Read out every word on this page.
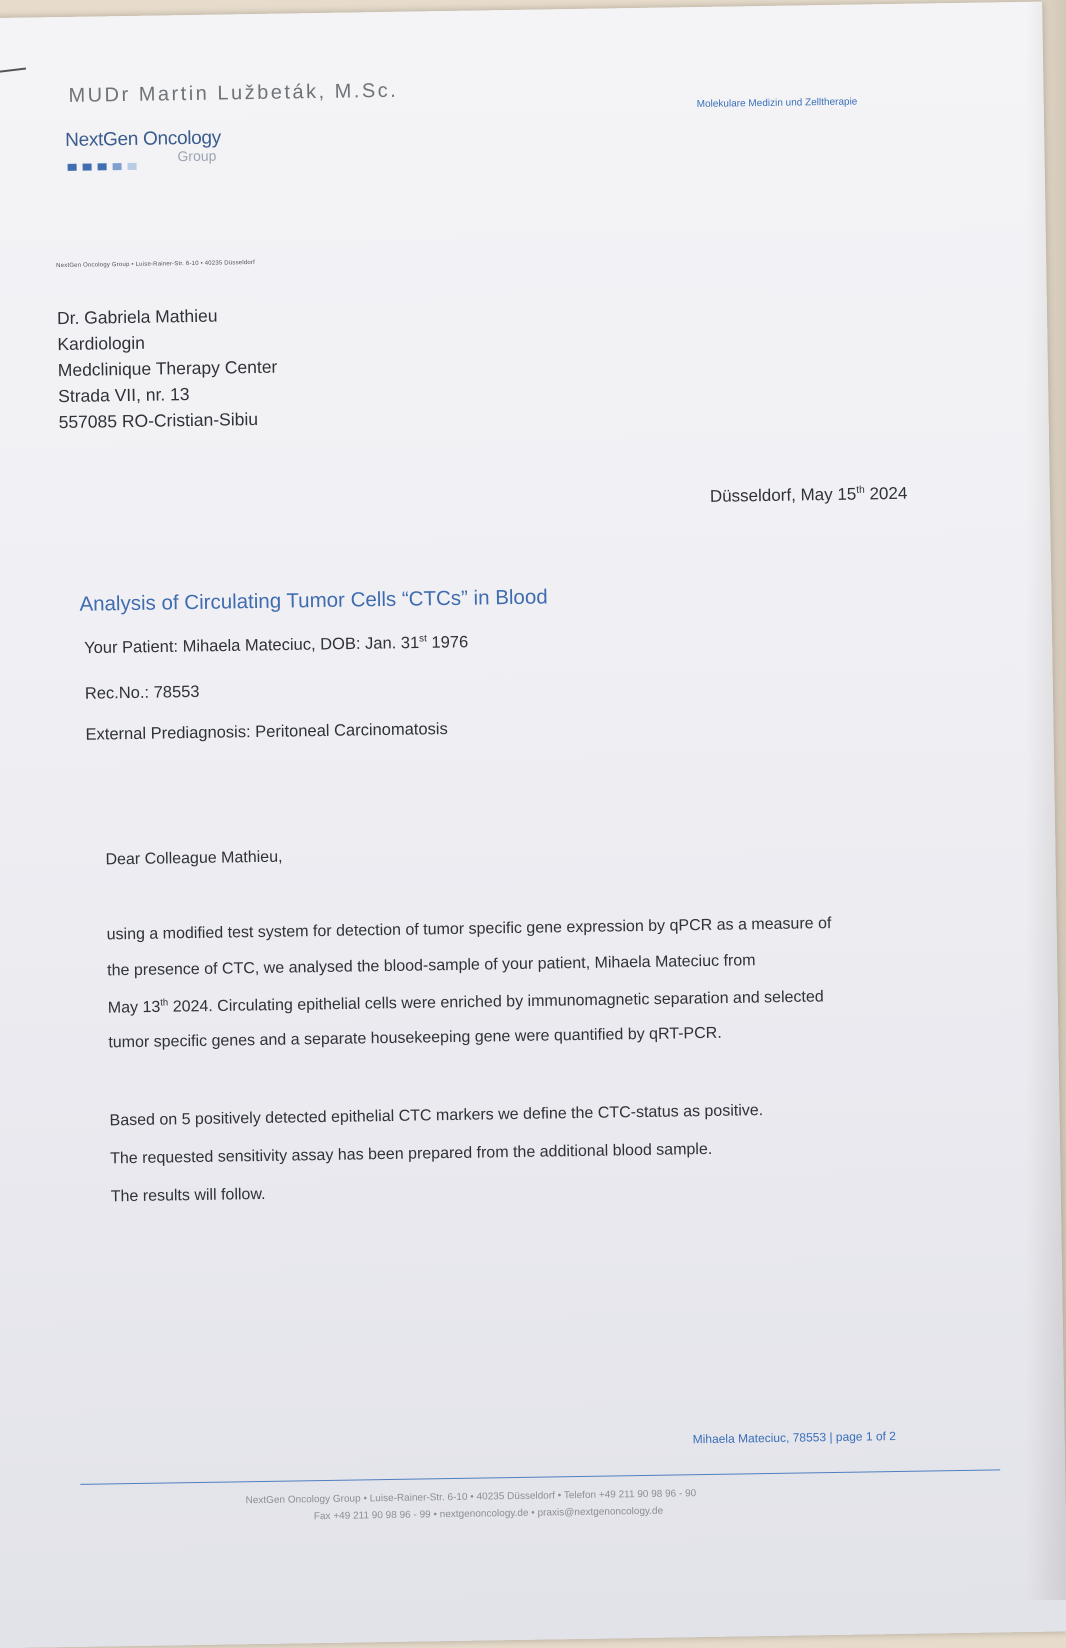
MUDr Martin Lužbeták, M.Sc.
NextGen Oncology
Group
Molekulare Medizin und Zelltherapie
NextGen Oncology Group • Luise-Rainer-Str. 6-10 • 40235 Düsseldorf
Dr. Gabriela Mathieu
Kardiologin
Medclinique Therapy Center
Strada VII, nr. 13
557085 RO-Cristian-Sibiu
Düsseldorf, May 15th 2024
Analysis of Circulating Tumor Cells “CTCs” in Blood
Your Patient: Mihaela Mateciuc, DOB: Jan. 31st 1976
Rec.No.: 78553
External Prediagnosis: Peritoneal Carcinomatosis
Dear Colleague Mathieu,
using a modified test system for detection of tumor specific gene expression by qPCR as a measure of
the presence of CTC, we analysed the blood-sample of your patient, Mihaela Mateciuc from
May 13th 2024. Circulating epithelial cells were enriched by immunomagnetic separation and selected
tumor specific genes and a separate housekeeping gene were quantified by qRT-PCR.
Based on 5 positively detected epithelial CTC markers we define the CTC-status as positive.
The requested sensitivity assay has been prepared from the additional blood sample.
The results will follow.
Mihaela Mateciuc, 78553 | page 1 of 2
NextGen Oncology Group • Luise-Rainer-Str. 6-10 • 40235 Düsseldorf • Telefon +49 211 90 98 96 - 90
Fax +49 211 90 98 96 - 99 • nextgenoncology.de • praxis@nextgenoncology.de
